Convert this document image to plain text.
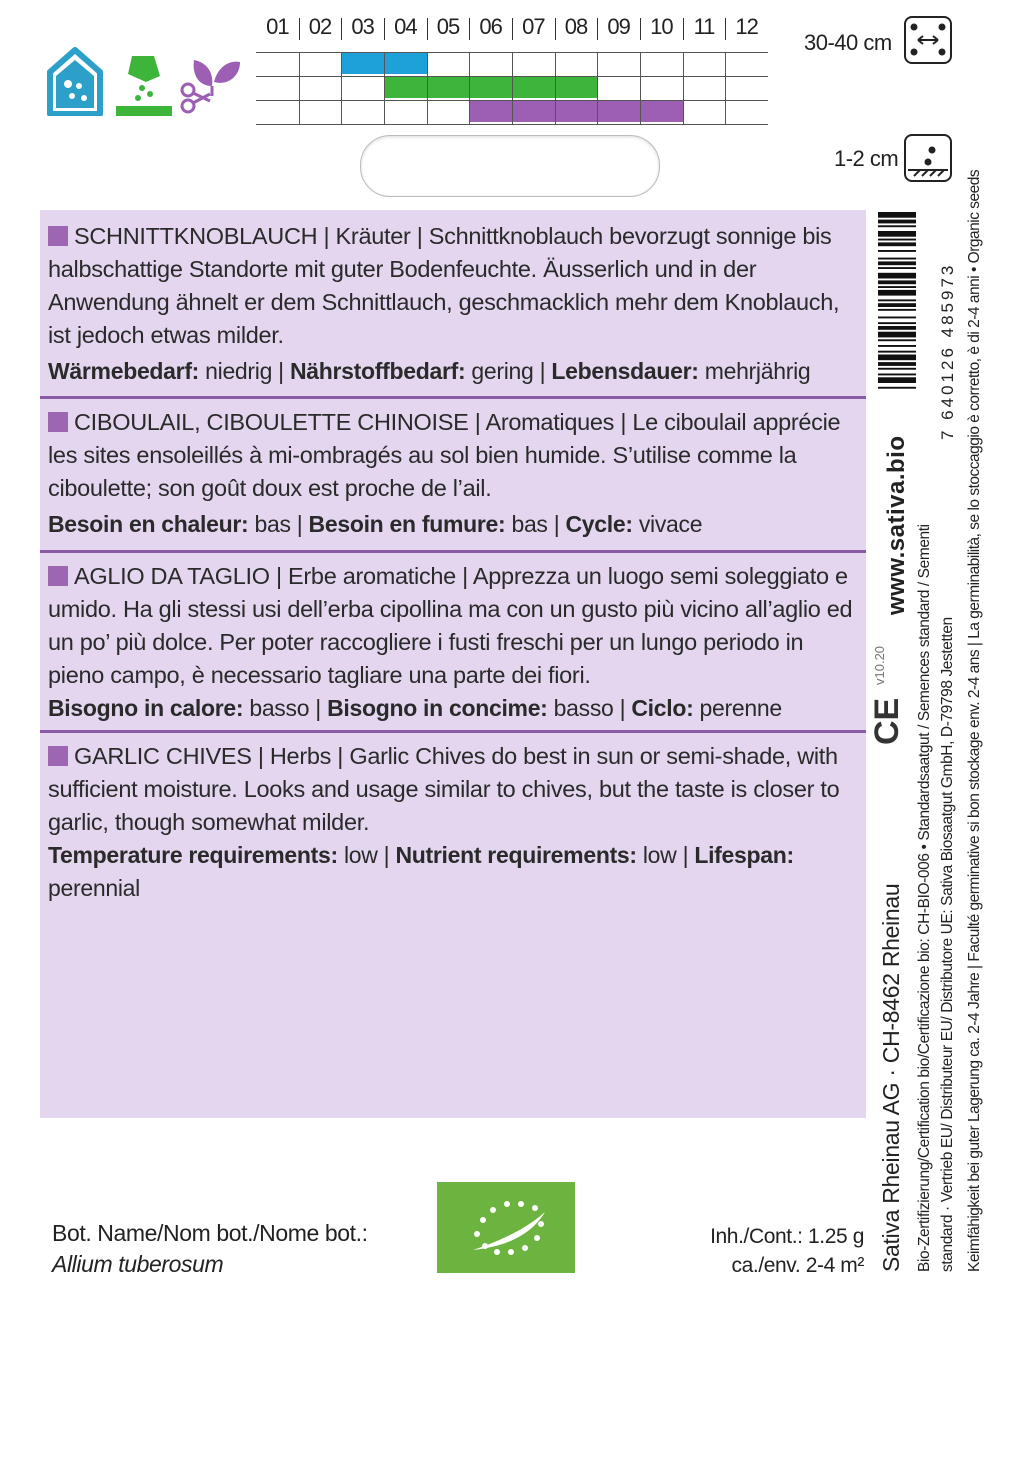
01 02 03 04 05 06 07 08 09 10 11 12
30-40 cm
1-2 cm
SCHNITTKNOBLAUCH | Kräuter | Schnittknoblauch bevorzugt sonnige bis halbschattige Standorte mit guter Bodenfeuchte. Äusserlich und in der Anwendung ähnelt er dem Schnittlauch, geschmacklich mehr dem Knoblauch, ist jedoch etwas milder.
Wärmebedarf: niedrig | Nährstoffbedarf: gering | Lebensdauer: mehrjährig
CIBOULAIL, CIBOULETTE CHINOISE | Aromatiques | Le ciboulail apprécie les sites ensoleillés à mi-ombragés au sol bien humide. S’utilise comme la ciboulette; son goût doux est proche de l’ail.
Besoin en chaleur: bas | Besoin en fumure: bas | Cycle: vivace
AGLIO DA TAGLIO | Erbe aromatiche | Apprezza un luogo semi soleggiato e umido. Ha gli stessi usi dell’erba cipollina ma con un gusto più vicino all’aglio ed un po’ più dolce. Per poter raccogliere i fusti freschi per un lungo periodo in pieno campo, è necessario tagliare una parte dei fiori.
Bisogno in calore: basso | Bisogno in concime: basso | Ciclo: perenne
GARLIC CHIVES | Herbs | Garlic Chives do best in sun or semi-shade, with sufficient moisture. Looks and usage similar to chives, but the taste is closer to garlic, though somewhat milder.
Temperature requirements: low | Nutrient requirements: low | Lifespan: perennial
7 640126 485973
www.sativa.bio
v10.20
CE
Sativa Rheinau AG · CH-8462 Rheinau Bio-Zertifizierung/Certification bio/Certificazione bio: CH-BIO-006 • Standardsaatgut / Semences standard / Sementi standard · Vertrieb EU/ Distributeur EU/ Distributore UE: Sativa Biosaatgut GmbH, D-79798 Jestetten Keimfähigkeit bei guter Lagerung ca. 2-4 Jahre | Faculté germinative si bon stockage env. 2-4 ans | La germinabilità, se lo stoccaggio è corretto, è di 2-4 anni • Organic seeds
Bot. Name/Nom bot./Nome bot.:
Allium tuberosum
Inh./Cont.: 1.25 g
ca./env. 2-4 m²
